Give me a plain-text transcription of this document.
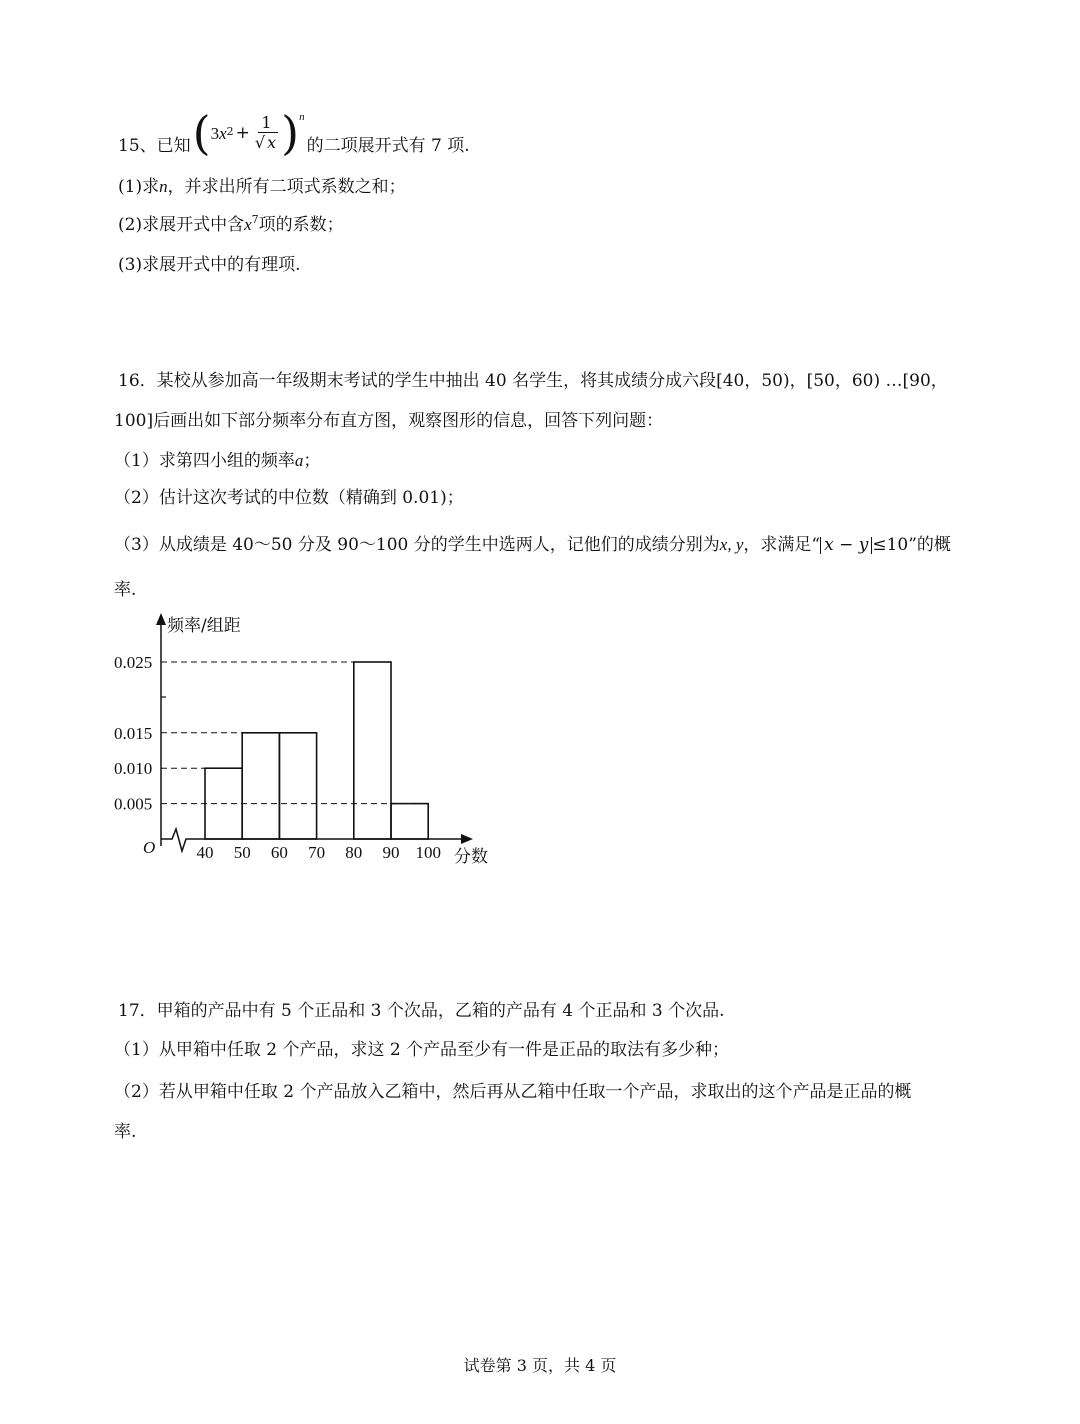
15、已知 ( 3 $x^2 + \frac{1}{√ x} )^n$
的二项展开式有 7 项.
(1)求n，并求出所有二项式系数之和；
(2)求展开式中含$x^7$项的系数；
(3)求展开式中的有理项.
16．某校从参加高一年级期末考试的学生中抽出 40 名学生，将其成绩分成六段[40，50)，[50，60) …[90，
100]后画出如下部分频率分布直方图，观察图形的信息，回答下列问题：
（1）求第四小组的频率a；
（2）估计这次考试的中位数（精确到 0.01)；
（3）从成绩是 40～50 分及 90～100 分的学生中选两人，记他们的成绩分别为x, y，求满足“ x − y ≤10”的概
率.
0.005
0.010
0.015
0.025
40 50 60 70 80 90 100
O
频率/组距
分数
17．甲箱的产品中有 5 个正品和 3 个次品，乙箱的产品有 4 个正品和 3 个次品.
（1）从甲箱中任取 2 个产品，求这 2 个产品至少有一件是正品的取法有多少种；
（2）若从甲箱中任取 2 个产品放入乙箱中，然后再从乙箱中任取一个产品，求取出的这个产品是正品的概
率.
试卷第 3 页，共 4 页
